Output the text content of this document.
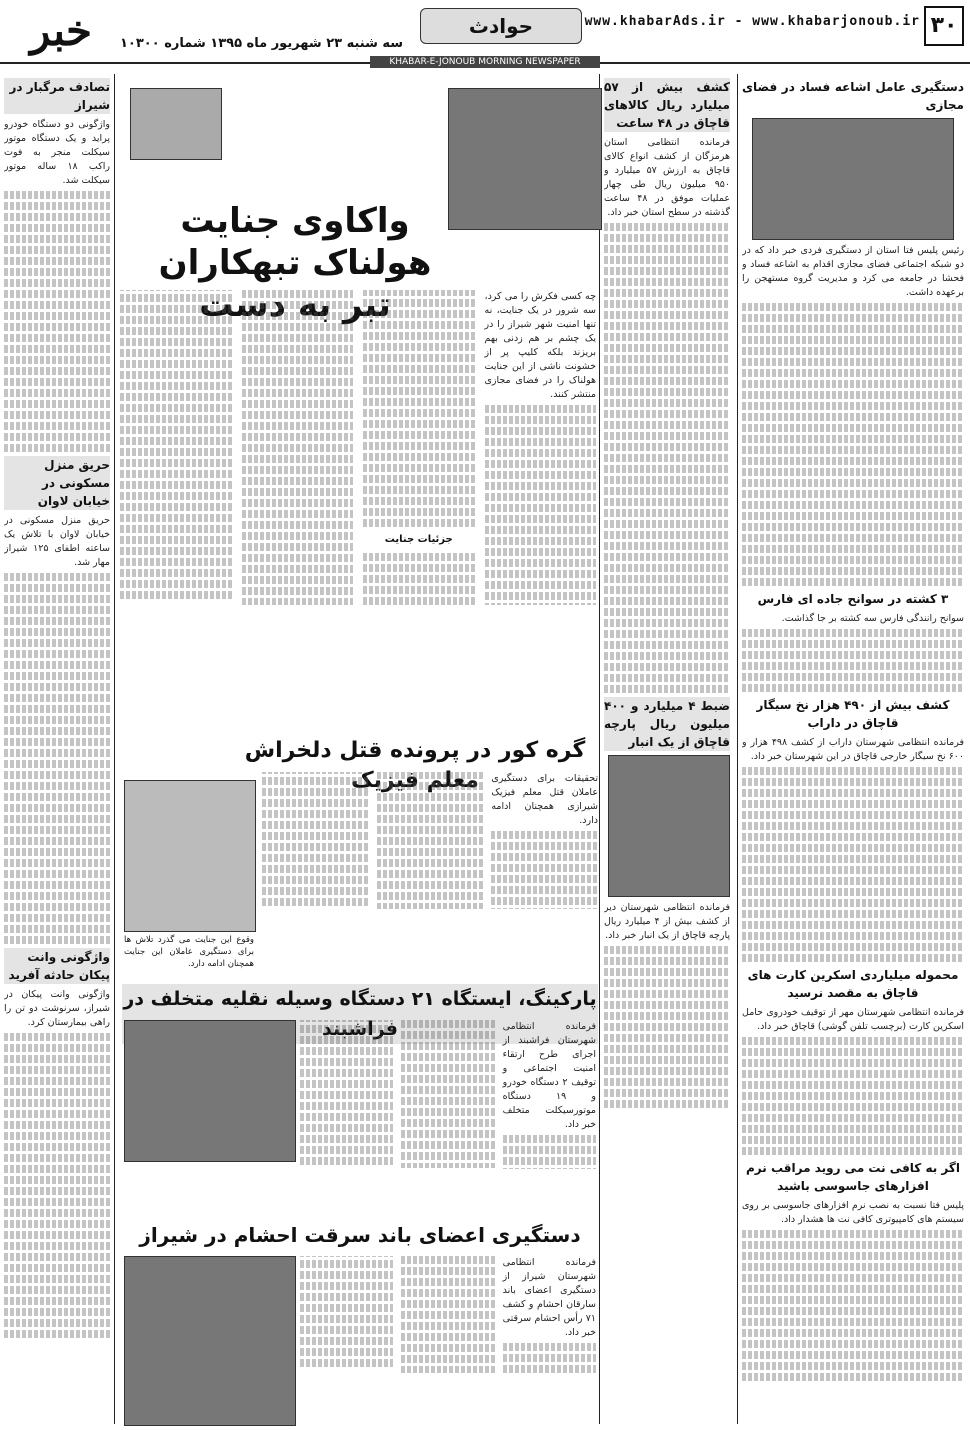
۳۰
www.khabarAds.ir - www.khabarjonoub.ir
حوادث
سه شنبه ۲۳ شهریور ماه ۱۳۹۵ شماره ۱۰۳۰۰
خبر
KHABAR-E-JONOUB MORNING NEWSPAPER
دستگیری عامل اشاعه فساد در فضای مجازی
رئیس پلیس فتا استان از دستگیری فردی خبر داد که در دو شبکه اجتماعی فضای مجازی اقدام به اشاعه فساد و فحشا در جامعه می کرد و مدیریت گروه مستهجن را برعهده داشت.
۳ کشته در سوانح جاده ای فارس
سوانح رانندگی فارس سه کشته بر جا گذاشت.
کشف بیش از ۴۹۰ هزار نخ سیگار قاچاق در داراب
فرمانده انتظامی شهرستان داراب از کشف ۴۹۸ هزار و ۶۰۰ نخ سیگار خارجی قاچاق در این شهرستان خبر داد.
محموله میلیاردی اسکرین کارت های قاچاق به مقصد نرسید
فرمانده انتظامی شهرستان مهر از توقیف خودروی حامل اسکرین کارت (برچسب تلفن گوشی) قاچاق خبر داد.
اگر به کافی نت می روید مراقب نرم افزارهای جاسوسی باشید
پلیس فتا نسبت به نصب نرم افزارهای جاسوسی بر روی سیستم های کامپیوتری کافی نت ها هشدار داد.
کشف بیش از ۵۷ میلیارد ریال کالاهای قاچاق در ۴۸ ساعت
فرمانده انتظامی استان هرمزگان از کشف انواع کالای قاچاق به ارزش ۵۷ میلیارد و ۹۵۰ میلیون ریال طی چهار عملیات موفق در ۴۸ ساعت گذشته در سطح استان خبر داد.
ضبط ۴ میلیارد و ۴۰۰ میلیون ریال پارچه قاچاق از یک انبار
فرمانده انتظامی شهرستان دیر از کشف بیش از ۴ میلیارد ریال پارچه قاچاق از یک انبار خبر داد.
واکاوی جنایت هولناک تبهکاران تبر به دست	چه کسی فکرش را می کرد، سه شرور در یک جنایت، نه تنها امنیت شهر شیراز را در یک چشم بر هم زدنی بهم بریزند بلکه کلیپ پر از خشونت ناشی از این جنایت هولناک را در فضای مجازی منتشر کنند.
جزئیات جنایت
گره کور در پرونده قتل دلخراش معلم فیزیک
وقوع این جنایت می گذرد تلاش ها برای دستگیری عاملان این جنایت همچنان ادامه دارد.
تحقیقات برای دستگیری عاملان قتل معلم فیزیک شیرازی همچنان ادامه دارد.
پارکینگ، ایستگاه ۲۱ دستگاه وسیله نقلیه متخلف در فراشبند	فرمانده انتظامی شهرستان فراشبند از اجرای طرح ارتقاء امنیت اجتماعی و توقیف ۲ دستگاه خودرو و ۱۹ دستگاه موتورسیکلت متخلف خبر داد.
دستگیری اعضای باند سرقت احشام در شیراز
فرمانده انتظامی شهرستان شیراز از دستگیری اعضای باند سارقان احشام و کشف ۷۱ رأس احشام سرقتی خبر داد.
تصادف مرگبار در شیراز
واژگونی دو دستگاه خودرو پراید و یک دستگاه موتور سیکلت منجر به فوت راکب ۱۸ ساله موتور سیکلت شد.
حریق منزل مسکونی در خیابان لاوان
حریق منزل مسکونی در خیابان لاوان با تلاش یک ساعته اطفای ۱۲۵ شیراز مهار شد.
واژگونی وانت پیکان حادثه آفرید
واژگونی وانت پیکان در شیراز، سرنوشت دو تن را راهی بیمارستان کرد.
